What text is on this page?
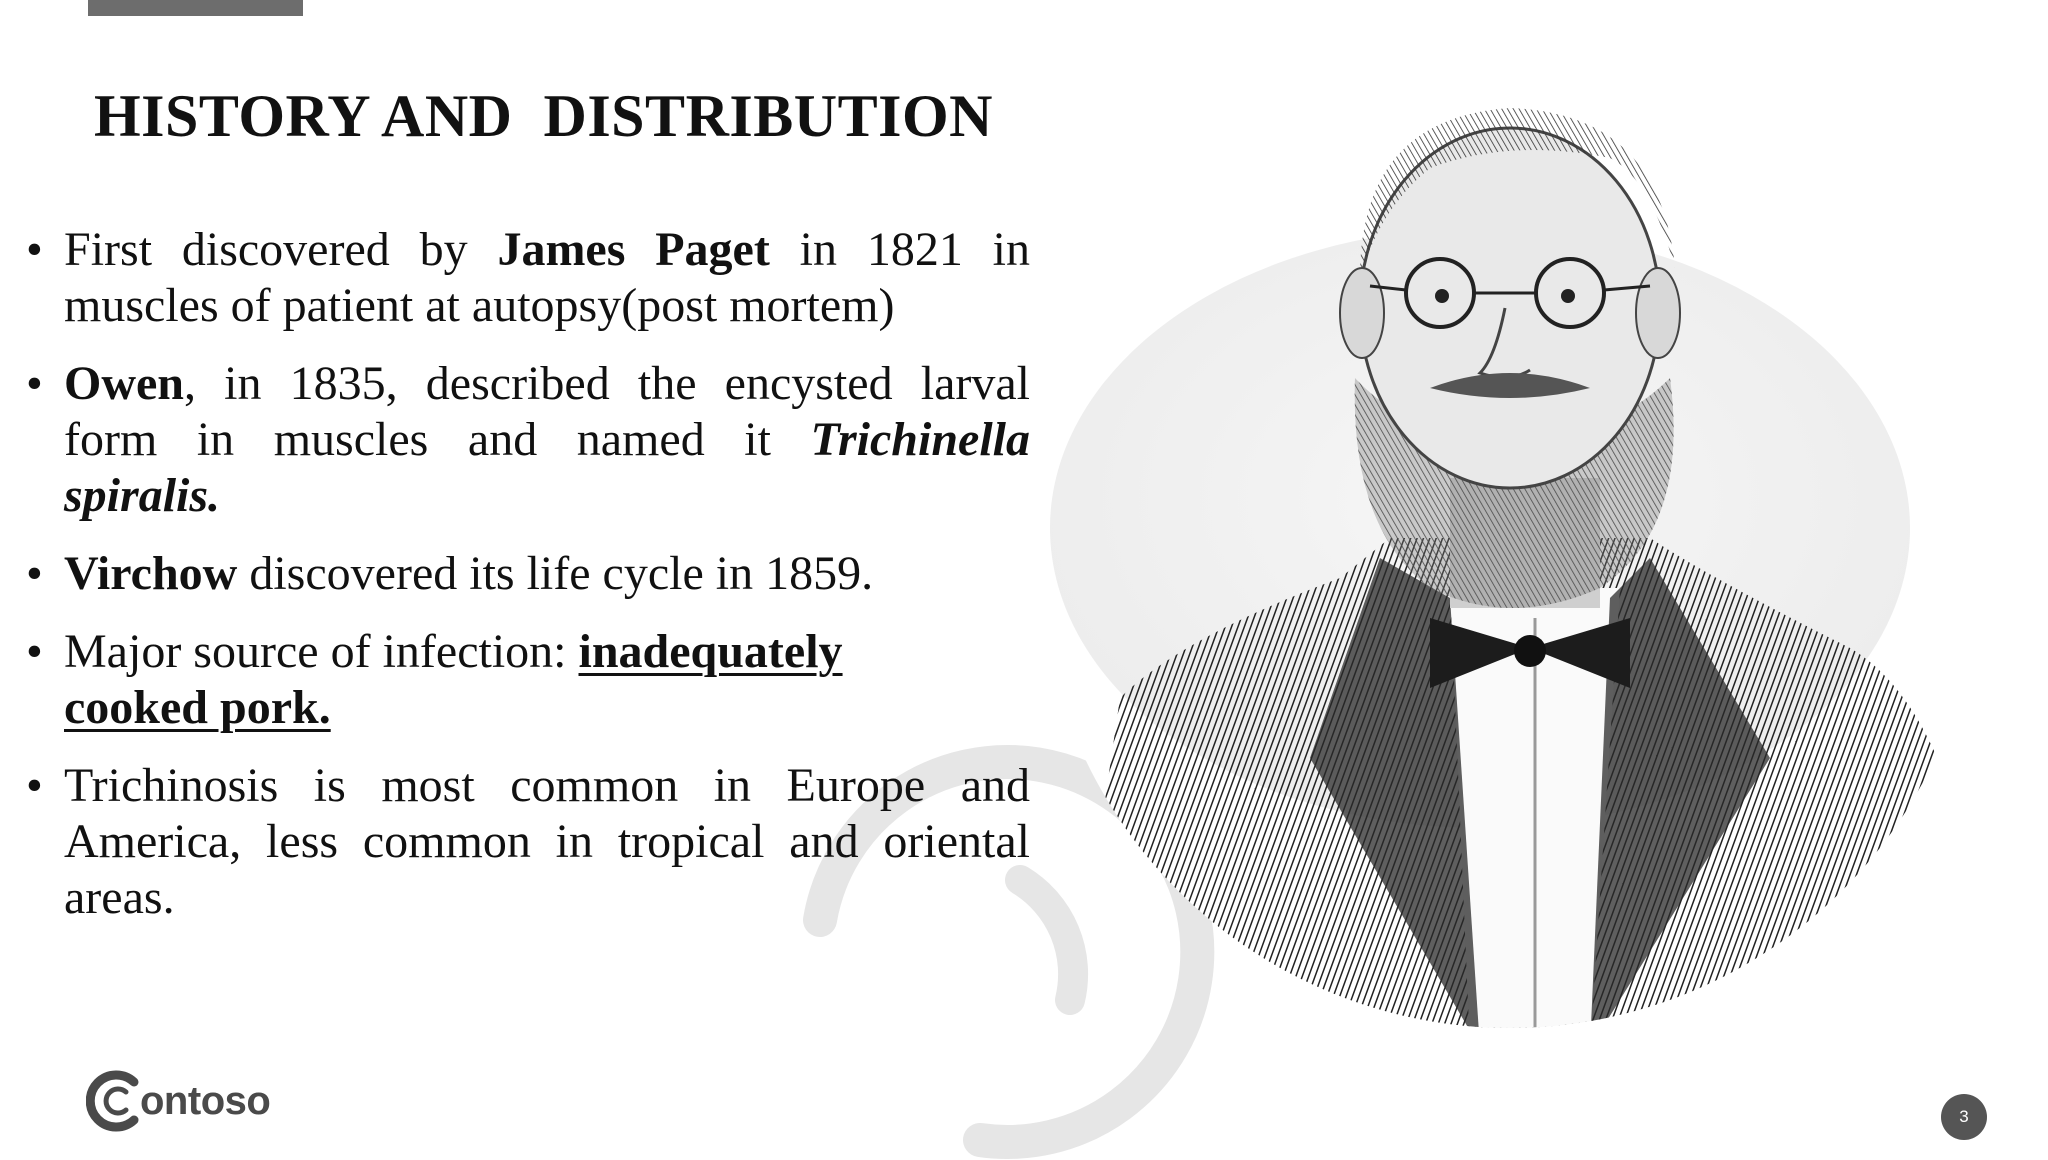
HISTORY AND  DISTRIBUTION
• First discovered by James Paget in 1821 in muscles of patient at autopsy(post mortem)
• Owen, in 1835, described the encysted larval form in muscles and named it Trichinella spiralis.
• Virchow discovered its life cycle in 1859.
• Major source of infection: inadequately cooked pork.
• Trichinosis is most common in Europe and America, less common in tropical and oriental areas.
ontoso	3
